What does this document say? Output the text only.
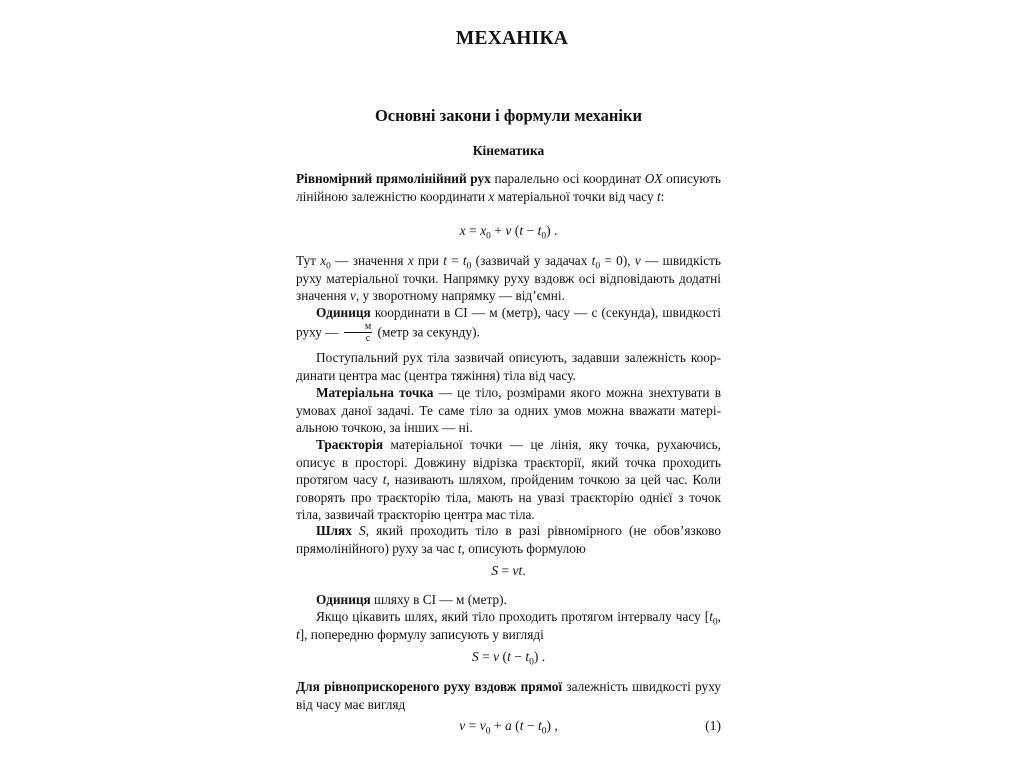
МЕХАНІКА
Основні закони і формули механіки
Кінематика
Рівномірний прямолінійний рух паралельно осі координат OX описують лінійною залежністю координати x матеріальної точки від часу t:
$x = x_0 + v$ $(t - t_0)$ .
Тут $x_0$ — значення x при $t = t_0$ (зазвичай у задачах $t_0 = 0$), v — швидкість руху матеріальної точки. Напрямку руху вздовж осі відповідають додатні значення v, у зворотному напрямку — від’ємні.
Одиниця координати в СІ — м (метр), часу — с (секунда), швидкості руху — $\frac{м}{с}$ (метр за секунду).
Поступальний рух тіла зазвичай описують, задавши залежність координати центра мас (центра тяжіння) тіла від часу.
Матеріальна точка — це тіло, розмірами якого можна знехтувати в умовах даної задачі. Те саме тіло за одних умов можна вважати матеріальною точкою, за інших — ні.
Траєкторія матеріальної точки — це лінія, яку точка, рухаючись, описує в просторі. Довжину відрізка траєкторії, який точка проходить протягом часу t, називають шляхом, пройденим точкою за цей час. Коли говорять про траєкторію тіла, мають на увазі траєкторію однієї з точок тіла, зазвичай траєкторію центра мас тіла.
Шлях S, який проходить тіло в разі рівномірного (не обов’язково прямолінійного) руху за час t, описують формулою
S = vt.
Одиниця шляху в СІ — м (метр).
Якщо цікавить шлях, який тіло проходить протягом інтервалу часу [$t_0$, t], попередню формулу записують у вигляді
S = v $(t - t_0)$ .
Для рівноприскореного руху вздовж прямої залежність швидкості руху від часу має вигляд
$v = v_0 + a$ $(t - t_0)$ ,	(1)
